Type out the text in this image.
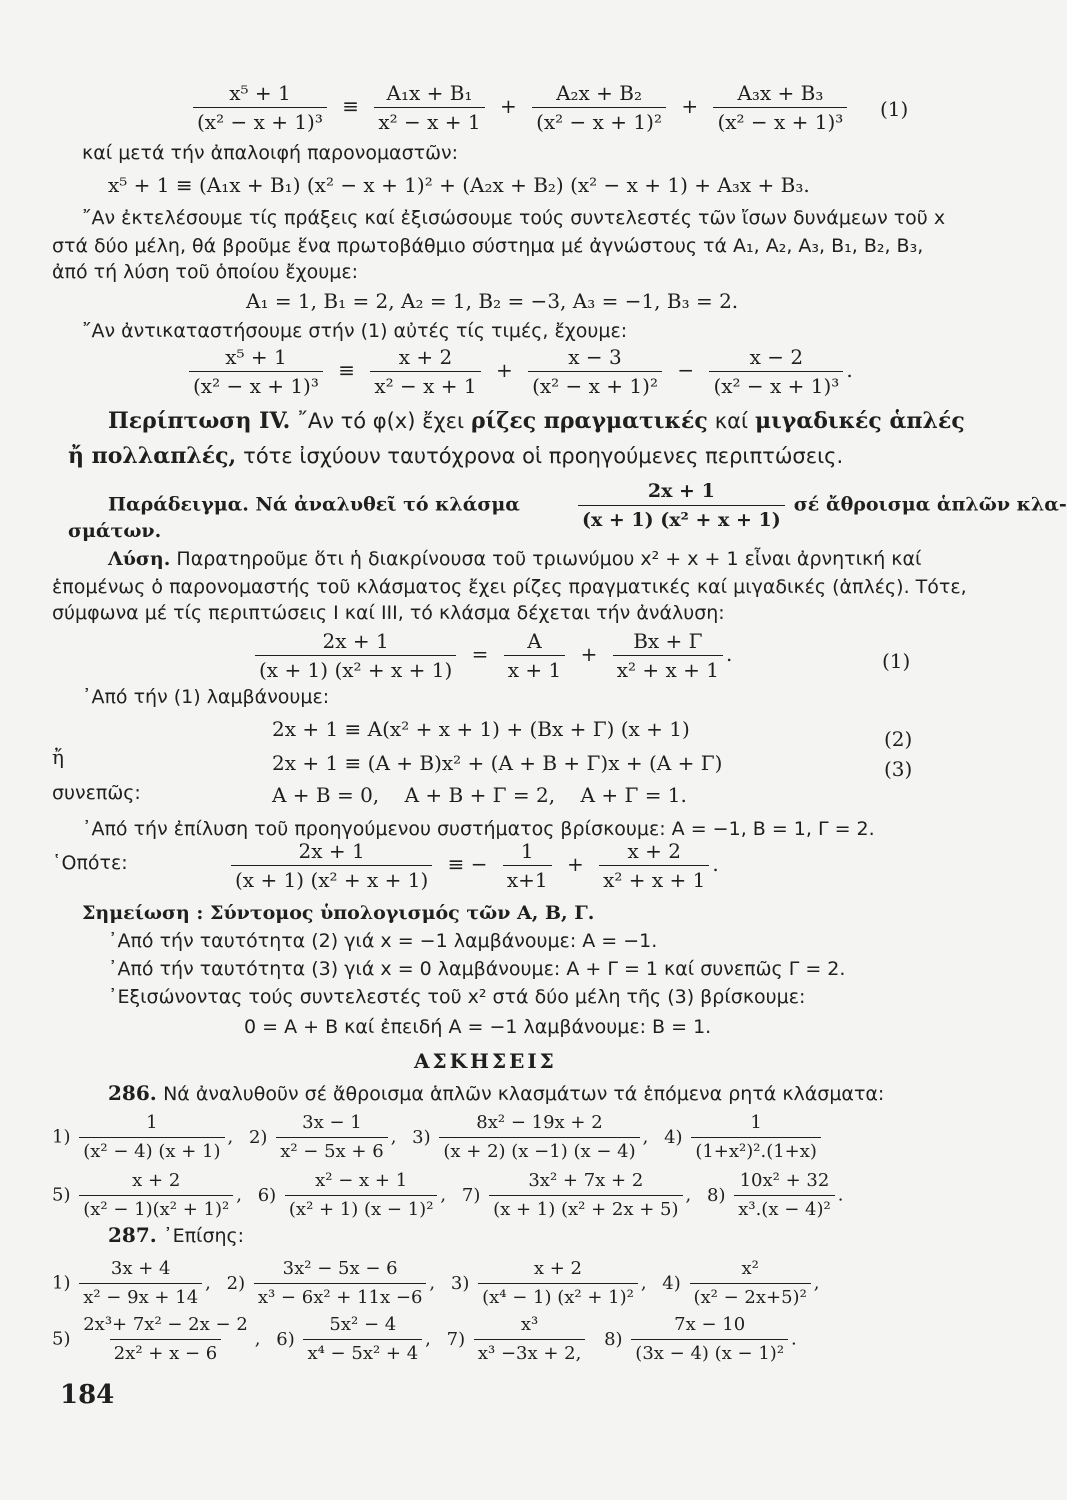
$\frac{\text{x⁵ + 1}}{\text{(x² − x + 1)³}} \equiv \frac{\text{A₁x + B₁}}{\text{x² − x + 1}} + \frac{\text{A₂x + B₂}}{\text{(x² − x + 1)²}} + \frac{\text{A₃x + B₃}}{\text{(x² − x + 1)³}} (1)$
καί μετά τήν ἀπαλοιφή παρονομαστῶν:
x⁵ + 1 ≡ (A₁x + B₁) (x² − x + 1)² + (A₂x + B₂) (x² − x + 1) + A₃x + B₃.
῎Αν ἐκτελέσουμε τίς πράξεις καί ἐξισώσουμε τούς συντελεστές τῶν ἴσων δυνάμεων τοῦ x
στά δύο μέλη, θά βροῦμε ἕνα πρωτοβάθμιο σύστημα μέ ἀγνώστους τά A₁, A₂, A₃, B₁, B₂, B₃,
ἀπό τή λύση τοῦ ὁποίου ἔχουμε:
A₁ = 1, B₁ = 2, A₂ = 1, B₂ = −3, A₃ = −1, B₃ = 2.
῎Αν ἀντικαταστήσουμε στήν (1) αὐτές τίς τιμές, ἔχουμε:
$\frac{\text{x⁵ + 1}}{\text{(x² − x + 1)³}} \equiv \frac{x + 2}{\text{x² − x + 1}} + \frac{x - 3}{\text{(x² − x + 1)²}} - \frac{x - 2}{\text{(x² − x + 1)³}}$ .
Περίπτωση IV. ῎Αν τό φ(x) ἔχει ρίζες πραγματικές καί μιγαδικές ἁπλές
ἤ πολλαπλές, τότε ἰσχύουν ταυτόχρονα οἱ προηγούμενες περιπτώσεις.
Παράδειγμα. Νά ἀναλυθεῖ τό κλάσμα	$\frac{2x + 1}{\text{(x + 1) (x² + x + 1)}}$ σέ ἄθροισμα ἁπλῶν κλα-
σμάτων.
Λύση. Παρατηροῦμε ὅτι ἡ διακρίνουσα τοῦ τριωνύμου x² + x + 1 εἶναι ἀρνητική καί
ἑπομένως ὁ παρονομαστής τοῦ κλάσματος ἔχει ρίζες πραγματικές καί μιγαδικές (ἁπλές). Τότε,
σύμφωνα μέ τίς περιπτώσεις I καί III, τό κλάσμα δέχεται τήν ἀνάλυση:
$\frac{2x + 1}{\text{(x + 1) (x² + x + 1)}} = \frac{A}{x + 1} + \frac{Bx + \Gamma}{\text{x² + x + 1}}$ .	(1)
᾿Από τήν (1) λαμβάνουμε:
2x + 1 ≡ A(x² + x + 1) + (Bx + Γ) (x + 1)	(2)
ἤ	2x + 1 ≡ (A + B)x² + (A + B + Γ)x + (A + Γ)	(3)
συνεπῶς:	A + B = 0,    A + B + Γ = 2,    A + Γ = 1.
᾿Από τήν ἐπίλυση τοῦ προηγούμενου συστήματος βρίσκουμε: A = −1, B = 1, Γ = 2.
῾Οπότε:	$\frac{2x + 1}{\text{(x + 1) (x² + x + 1)}}$ ≡ − $\frac{1}{x+1} + \frac{x + 2}{\text{x² + x + 1}}$ .
Σημείωση : Σύντομος ὑπολογισμός τῶν A, B, Γ.
᾿Από τήν ταυτότητα (2) γιά x = −1 λαμβάνουμε: A = −1.
᾿Από τήν ταυτότητα (3) γιά x = 0 λαμβάνουμε: A + Γ = 1 καί συνεπῶς Γ = 2.
᾿Εξισώνοντας τούς συντελεστές τοῦ x² στά δύο μέλη τῆς (3) βρίσκουμε:
0 = A + B καί ἐπειδή A = −1 λαμβάνουμε: B = 1.
ΑΣΚΗΣΕΙΣ
286. Νά ἀναλυθοῦν σέ ἄθροισμα ἁπλῶν κλασμάτων τά ἑπόμενα ρητά κλάσματα:
$1) \frac{1}{\text{(x² − 4) (x + 1)}}$ , $2) \frac{3x - 1}{\text{x² − 5x + 6}}$ , $3) \frac{\text{8x² − 19x + 2}}{(x + 2) (x -1) (x - 4)}$ , $4) \frac{1}{\text{(1+x²)².(1+x)}}$
$5) \frac{x + 2}{\text{(x² − 1)(x² + 1)²}}$ , $6) \frac{\text{x² − x + 1}}{\text{(x² + 1) (x − 1)²}}$ , $7) \frac{\text{3x² + 7x + 2}}{\text{(x + 1) (x² + 2x + 5)}}$ , $8) \frac{\text{10x² + 32}}{\text{x³.(x − 4)²}}$ .
287. ᾿Επίσης:
$1) \frac{3x + 4}{\text{x² − 9x + 14}}$ , $2) \frac{\text{3x² − 5x − 6}}{\text{x³ − 6x² + 11x −6}}$ , $3) \frac{x + 2}{\text{(x⁴ − 1) (x² + 1)²}}$ , $4) \frac{\text{x²}}{\text{(x² − 2x+5)²}}$ ,
$5) \frac{\text{2x³+ 7x² − 2x − 2}}{\text{2x² + x − 6}}$ , $6) \frac{\text{5x² − 4}}{\text{x⁴ − 5x² + 4}}$ , $7) \frac{\text{x³}}{\text{x³ −3x + 2,}} 8) \frac{7x - 10}{\text{(3x − 4) (x − 1)²}}$ .
184
